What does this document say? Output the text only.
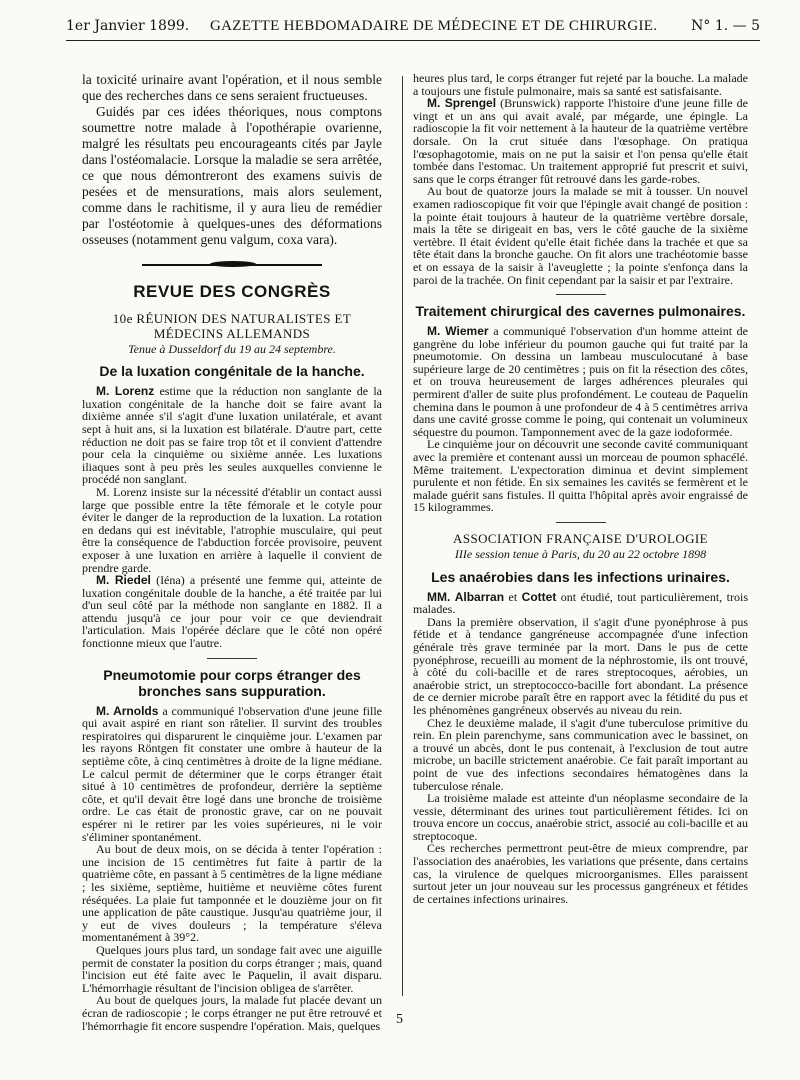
1er Janvier 1899. GAZETTE HEBDOMADAIRE DE MÉDECINE ET DE CHIRURGIE. N° 1. — 5

la toxicité urinaire avant l'opération, et il nous semble que des recherches dans ce sens seraient fructueuses.

Guidés par ces idées théoriques, nous comptons soumettre notre malade à l'opothérapie ovarienne, malgré les résultats peu encourageants cités par Jayle dans l'ostéomalacie. Lorsque la maladie se sera arrêtée, ce que nous démontreront des examens suivis de pesées et de mensurations, mais alors seulement, comme dans le rachitisme, il y aura lieu de remédier par l'ostéotomie à quelques-unes des déformations osseuses (notamment genu valgum, coxa vara).

REVUE DES CONGRÈS
10e RÉUNION DES NATURALISTES ET MÉDECINS ALLEMANDS
Tenue à Dusseldorf du 19 au 24 septembre.
De la luxation congénitale de la hanche.

M. Lorenz estime que la réduction non sanglante de la luxation congénitale de la hanche doit se faire avant la dixième année s'il s'agit d'une luxation unilatérale, et avant sept à huit ans, si la luxation est bilatérale. D'autre part, cette réduction ne doit pas se faire trop tôt et il convient d'attendre pour cela la cinquième ou sixième année. Les luxations iliaques sont à peu près les seules auxquelles convienne le procédé non sanglant.

M. Lorenz insiste sur la nécessité d'établir un contact aussi large que possible entre la tête fémorale et le cotyle pour éviter le danger de la reproduction de la luxation. La rotation en dedans qui est inévitable, l'atrophie musculaire, qui peut être la conséquence de l'abduction forcée provisoire, peuvent exposer à une luxation en arrière à laquelle il convient de prendre garde.

M. Riedel (Iéna) a présenté une femme qui, atteinte de luxation congénitale double de la hanche, a été traitée par lui d'un seul côté par la méthode non sanglante en 1882. Il a attendu jusqu'à ce jour pour voir ce que deviendrait l'articulation. Mais l'opérée déclare que le côté non opéré fonctionne mieux que l'autre.

Pneumotomie pour corps étranger des bronches sans suppuration.

M. Arnolds a communiqué l'observation d'une jeune fille qui avait aspiré en riant son râtelier. Il survint des troubles respiratoires qui disparurent le cinquième jour. L'examen par les rayons Röntgen fit constater une ombre à hauteur de la septième côte, à cinq centimètres à droite de la ligne médiane. Le calcul permit de déterminer que le corps étranger était situé à 10 centimètres de profondeur, derrière la septième côte, et qu'il devait être logé dans une bronche de troisième ordre. Le cas était de pronostic grave, car on ne pouvait espérer ni le retirer par les voies supérieures, ni le voir s'éliminer spontanément.

Au bout de deux mois, on se décida à tenter l'opération : une incision de 15 centimètres fut faite à partir de la quatrième côte, en passant à 5 centimètres de la ligne médiane ; les sixième, septième, huitième et neuvième côtes furent réséquées. La plaie fut tamponnée et le douzième jour on fit une application de pâte caustique. Jusqu'au quatrième jour, il y eut de vives douleurs ; la température s'éleva momentanément à 39°2.

Quelques jours plus tard, un sondage fait avec une aiguille permit de constater la position du corps étranger ; mais, quand l'incision eut été faite avec le Paquelin, il avait disparu. L'hémorrhagie résultant de l'incision obligea de s'arrêter.

Au bout de quelques jours, la malade fut placée devant un écran de radioscopie ; le corps étranger ne put être retrouvé et l'hémorrhagie fit encore suspendre l'opération. Mais, quelques

heures plus tard, le corps étranger fut rejeté par la bouche. La malade a toujours une fistule pulmonaire, mais sa santé est satisfaisante.

M. Sprengel (Brunswick) rapporte l'histoire d'une jeune fille de vingt et un ans qui avait avalé, par mégarde, une épingle. La radioscopie la fit voir nettement à la hauteur de la quatrième vertèbre dorsale. On la crut située dans l'œsophage. On pratiqua l'œsophagotomie, mais on ne put la saisir et l'on pensa qu'elle était tombée dans l'estomac. Un traitement approprié fut prescrit et suivi, sans que le corps étranger fût retrouvé dans les garde-robes.

Au bout de quatorze jours la malade se mit à tousser. Un nouvel examen radioscopique fit voir que l'épingle avait changé de position : la pointe était toujours à hauteur de la quatrième vertèbre dorsale, mais la tête se dirigeait en bas, vers le côté gauche de la sixième vertèbre. Il était évident qu'elle était fichée dans la trachée et que sa tête était dans la bronche gauche. On fit alors une trachéotomie basse et on essaya de la saisir à l'aveuglette ; la pointe s'enfonça dans la paroi de la trachée. On finit cependant par la saisir et par l'extraire.

Traitement chirurgical des cavernes pulmonaires.

M. Wiemer a communiqué l'observation d'un homme atteint de gangrène du lobe inférieur du poumon gauche qui fut traité par la pneumotomie. On dessina un lambeau musculocutané à base supérieure large de 20 centimètres ; puis on fit la résection des côtes, et on trouva heureusement de larges adhérences pleurales qui permirent d'aller de suite plus profondément. Le couteau de Paquelin chemina dans le poumon à une profondeur de 4 à 5 centimètres arriva dans une cavité grosse comme le poing, qui contenait un volumineux séquestre du poumon. Tamponnement avec de la gaze iodoformée.

Le cinquième jour on découvrit une seconde cavité communiquant avec la première et contenant aussi un morceau de poumon sphacélé. Même traitement. L'expectoration diminua et devint simplement purulente et non fétide. En six semaines les cavités se fermèrent et le malade guérit sans fistules. Il quitta l'hôpital après avoir engraissé de 15 kilogrammes.

ASSOCIATION FRANÇAISE D'UROLOGIE
IIIe session tenue à Paris, du 20 au 22 octobre 1898
Les anaérobies dans les infections urinaires.

MM. Albarran et Cottet ont étudié, tout particulièrement, trois malades.

Dans la première observation, il s'agit d'une pyonéphrose à pus fétide et à tendance gangréneuse accompagnée d'une infection générale très grave terminée par la mort. Dans le pus de cette pyonéphrose, recueilli au moment de la néphrostomie, ils ont trouvé, à côté du coli-bacille et de rares streptocoques, aérobies, un anaérobie strict, un streptococco-bacille fort abondant. La présence de ce dernier microbe paraît être en rapport avec la fétidité du pus et les phénomènes gangréneux observés au niveau du rein.

Chez le deuxième malade, il s'agit d'une tuberculose primitive du rein. En plein parenchyme, sans communication avec le bassinet, on a trouvé un abcès, dont le pus contenait, à l'exclusion de tout autre microbe, un bacille strictement anaérobie. Ce fait paraît important au point de vue des infections secondaires hématogènes dans la tuberculose rénale.

La troisième malade est atteinte d'un néoplasme secondaire de la vessie, déterminant des urines tout particulièrement fétides. Ici on trouva encore un coccus, anaérobie strict, associé au coli-bacille et au streptocoque.

Ces recherches permettront peut-être de mieux comprendre, par l'association des anaérobies, les variations que présente, dans certains cas, la virulence de quelques microorganismes. Elles paraissent surtout jeter un jour nouveau sur les processus gangréneux et fétides de certaines infections urinaires.

5
